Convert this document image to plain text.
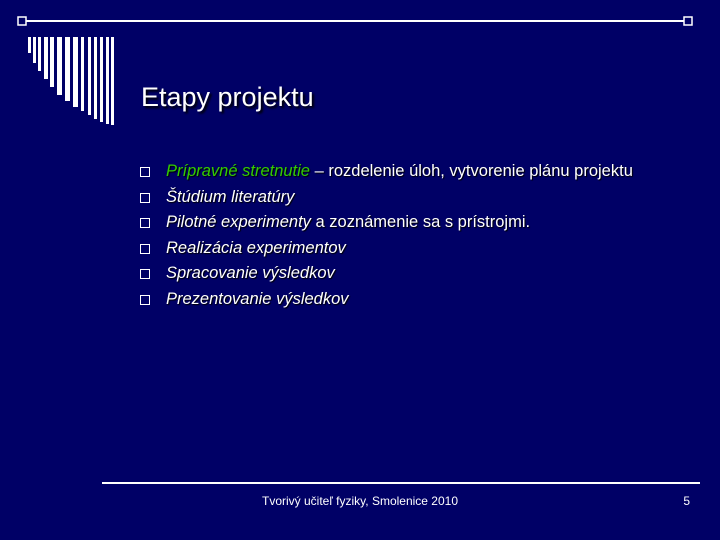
Etapy projektu
Prípravné stretnutie – rozdelenie úloh, vytvorenie plánu projektu
Štúdium literatúry
Pilotné experimenty a zoznámenie sa s prístrojmi.
Realizácia experimentov
Spracovanie výsledkov
Prezentovanie výsledkov
Tvorivý učiteľ fyziky, Smolenice 2010	5
